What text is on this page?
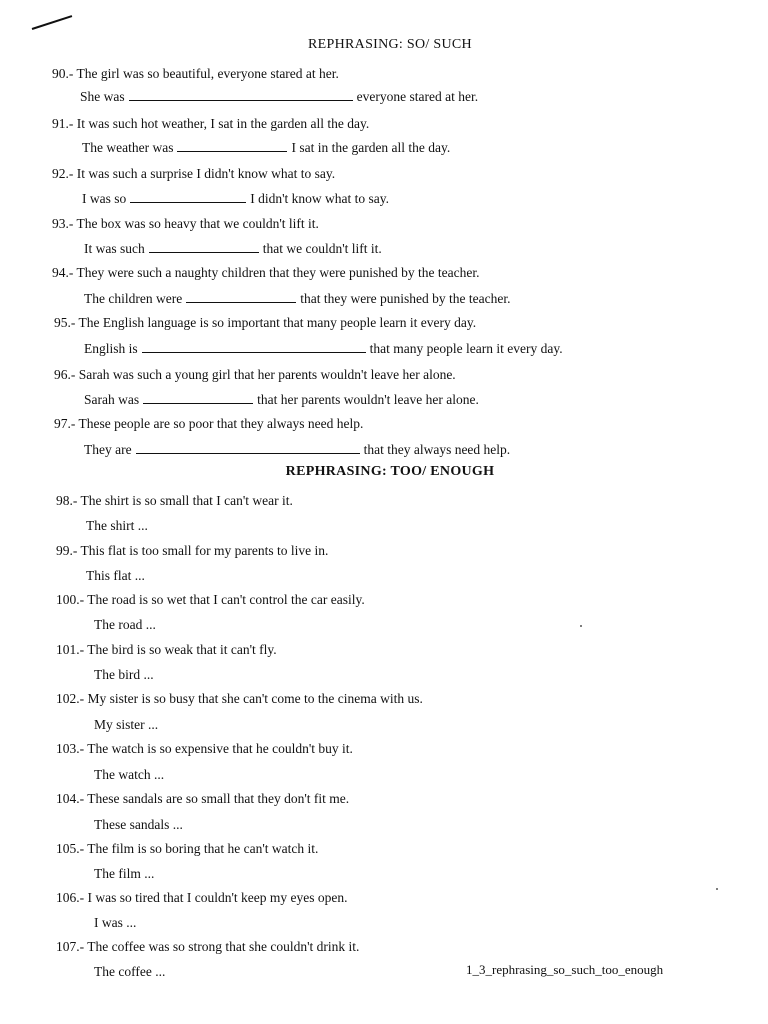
REPHRASING: SO/ SUCH
90.- The girl was so beautiful, everyone stared at her.
She was	everyone stared at her.
91.- It was such hot weather, I sat in the garden all the day.
The weather was	I sat in the garden all the day.
92.- It was such a surprise I didn't know what to say.
I was so	I didn't know what to say.
93.- The box was so heavy that we couldn't lift it.
It was such	that we couldn't lift it.
94.- They were such a naughty children that they were punished by the teacher.
The children were	that they were punished by the teacher.
95.- The English language is so important that many people learn it every day.
English is	that many people learn it every day.
96.- Sarah was such a young girl that her parents wouldn't leave her alone.
Sarah was	that her parents wouldn't leave her alone.
97.- These people are so poor that they always need help.
They are	that they always need help.
REPHRASING: TOO/ ENOUGH
98.- The shirt is so small that I can't wear it.
The shirt ...
99.- This flat is too small for my parents to live in.
This flat ...
100.- The road is so wet that I can't control the car easily.
The road ...
101.- The bird is so weak that it can't fly.
The bird ...
102.- My sister is so busy that she can't come to the cinema with us.
My sister ...
103.- The watch is so expensive that he couldn't buy it.
The watch ...
104.- These sandals are so small that they don't fit me.
These sandals ...
105.- The film is so boring that he can't watch it.
The film ...
106.- I was so tired that I couldn't keep my eyes open.
I was ...
107.- The coffee was so strong that she couldn't drink it.
The coffee ...	1_3_rephrasing_so_such_too_enough
